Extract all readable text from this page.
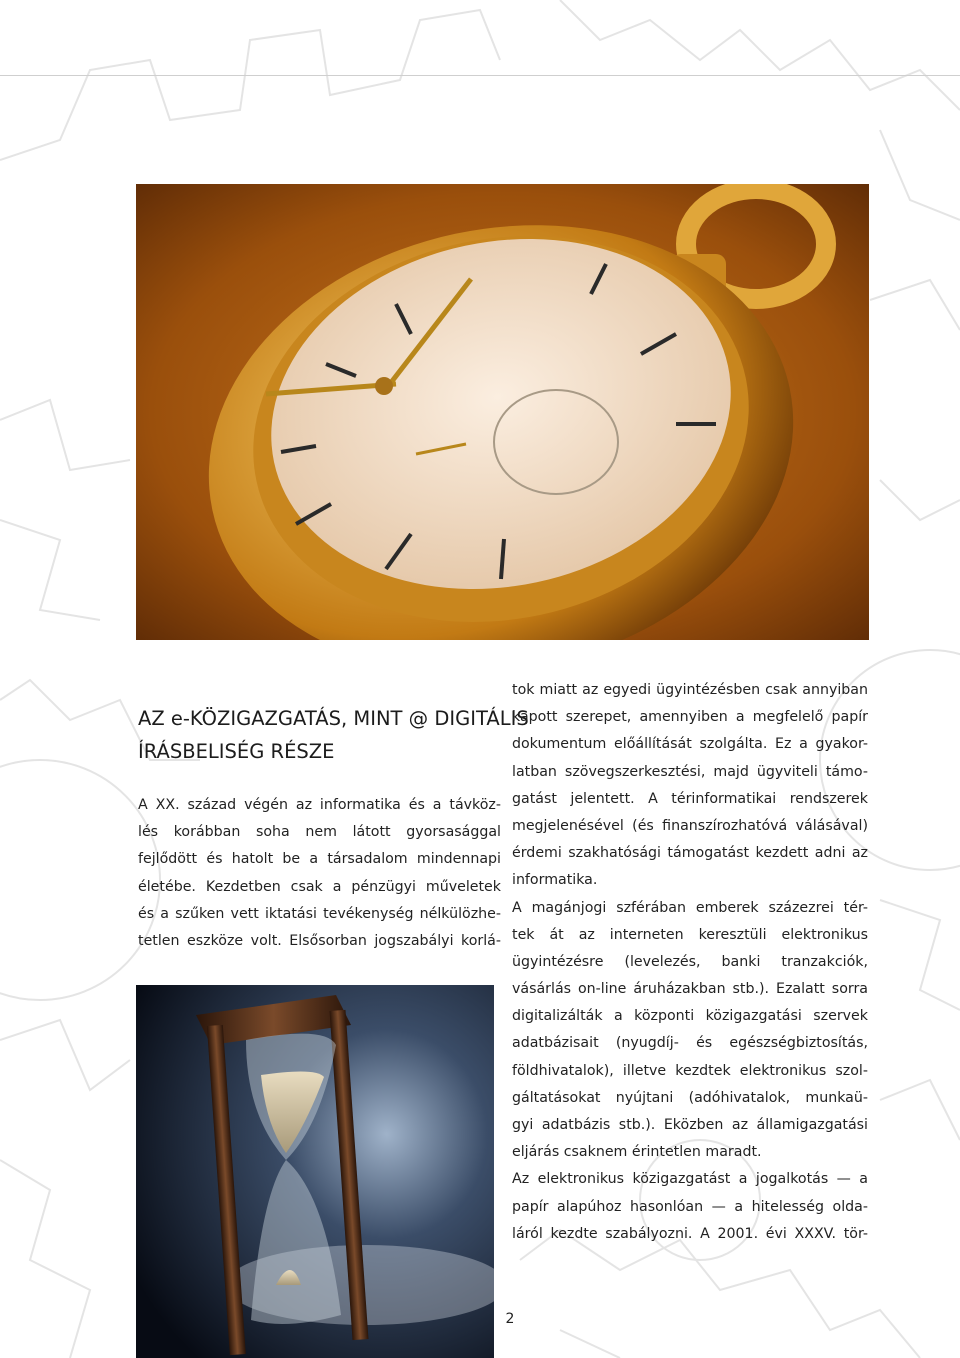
AZ e-KÖZIGAZGATÁS, MINT @ DIGITÁLIS
ÍRÁSBELISÉG RÉSZE
A XX. század végén az informatika és a távköz-
lés korábban soha nem látott gyorsasággal
fejlődött és hatolt be a társadalom mindennapi
életébe. Kezdetben csak a pénzügyi műveletek
és a szűken vett iktatási tevékenység nélkülözhe-
tetlen eszköze volt. Elsősorban jogszabályi korlá-
tok miatt az egyedi ügyintézésben csak annyiban
kapott szerepet, amennyiben a megfelelő papír
dokumentum előállítását szolgálta. Ez a gyakor-
latban szövegszerkesztési, majd ügyviteli támo-
gatást jelentett. A térinformatikai rendszerek
megjelenésével (és finanszírozhatóvá válásával)
érdemi szakhatósági támogatást kezdett adni az
informatika.
A magánjogi szférában emberek százezrei tér-
tek át az interneten keresztüli elektronikus
ügyintézésre (levelezés, banki tranzakciók,
vásárlás on-line áruházakban stb.). Ezalatt sorra
digitalizálták a központi közigazgatási szervek
adatbázisait (nyugdíj- és egészségbiztosítás,
földhivatalok), illetve kezdtek elektronikus szol-
gáltatásokat nyújtani (adóhivatalok, munkaü-
gyi adatbázis stb.). Eközben az államigazgatási
eljárás csaknem érintetlen maradt.
Az elektronikus közigazgatást a jogalkotás — a
papír alapúhoz hasonlóan — a hitelesség olda-
láról kezdte szabályozni. A 2001. évi XXXV. tör-
2
